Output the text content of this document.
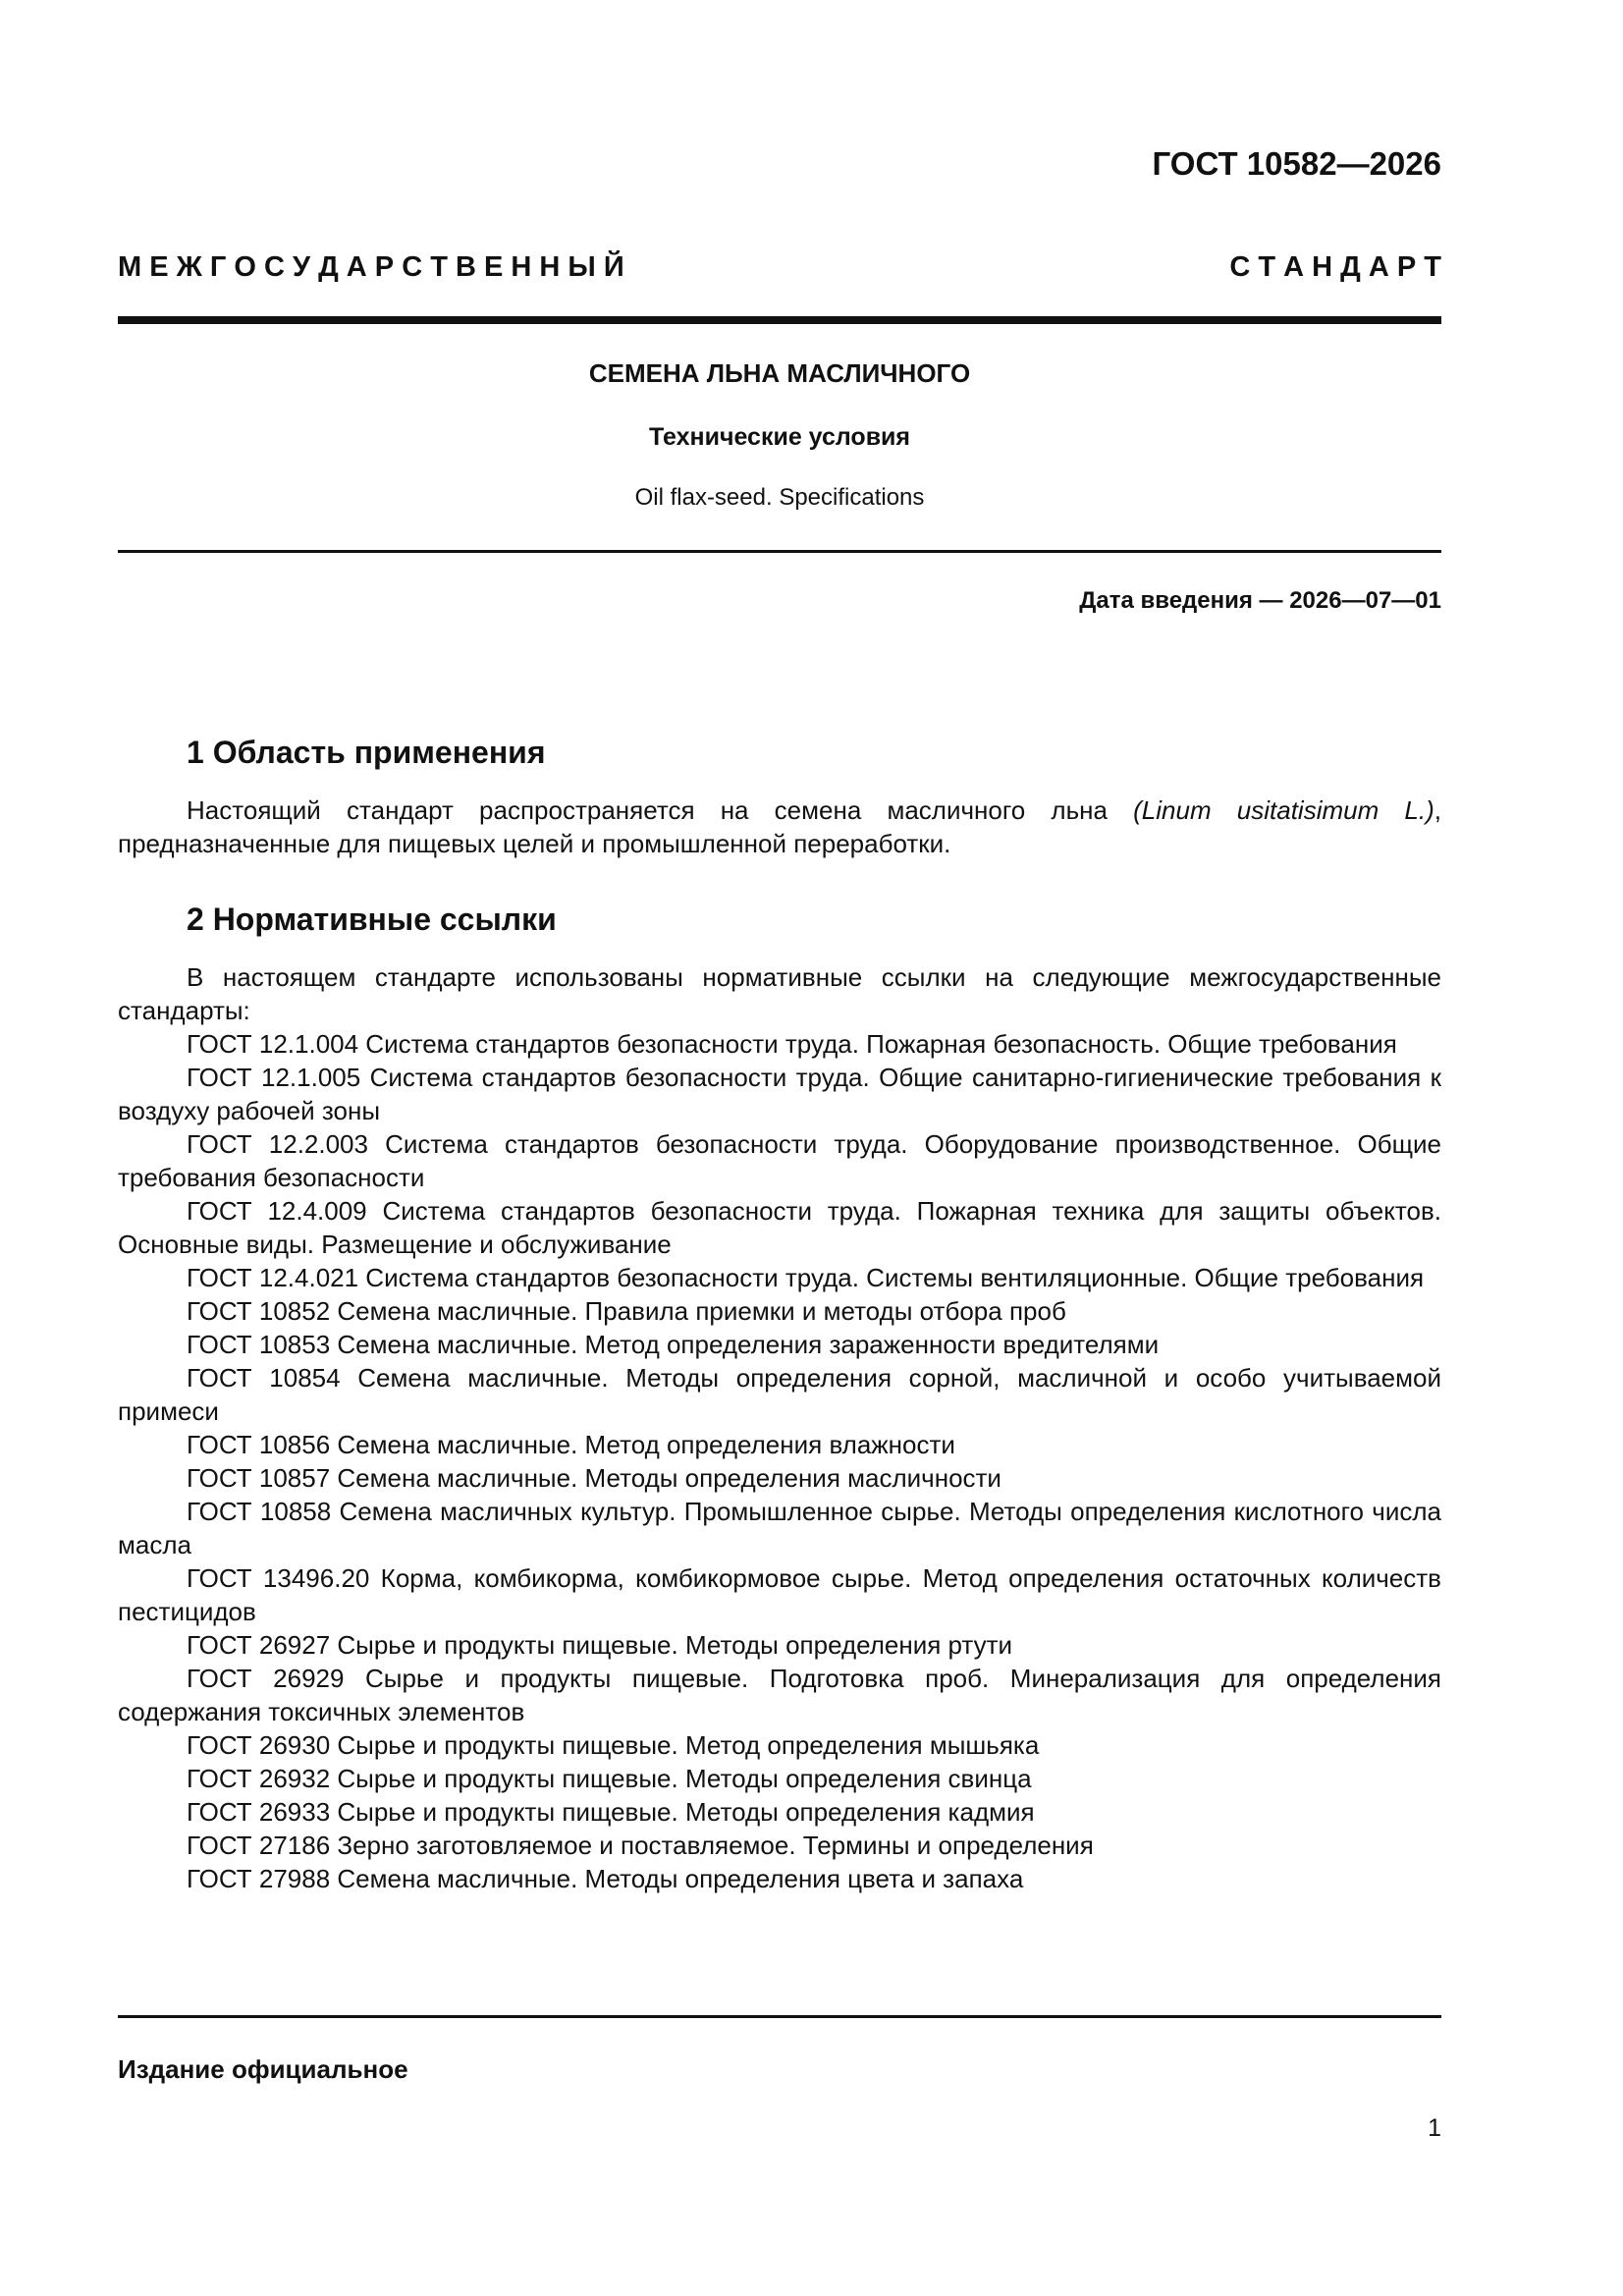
ГОСТ 10582—2026
М Е Ж Г О С У Д А Р С Т В Е Н Н Ы Й	С Т А Н Д А Р Т
СЕМЕНА ЛЬНА МАСЛИЧНОГО
Технические условия
Oil flax-seed. Specifications
Дата введения — 2026—07—01
1 Область применения

Настоящий стандарт распространяется на семена масличного льна (Linum usitatisimum L.), предназначенные для пищевых целей и промышленной переработки.

2 Нормативные ссылки

В настоящем стандарте использованы нормативные ссылки на следующие межгосударственные стандарты:

ГОСТ 12.1.004 Система стандартов безопасности труда. Пожарная безопасность. Общие требования

ГОСТ 12.1.005 Система стандартов безопасности труда. Общие санитарно-гигиенические требования к воздуху рабочей зоны

ГОСТ 12.2.003 Система стандартов безопасности труда. Оборудование производственное. Общие требования безопасности

ГОСТ 12.4.009 Система стандартов безопасности труда. Пожарная техника для защиты объектов. Основные виды. Размещение и обслуживание

ГОСТ 12.4.021 Система стандартов безопасности труда. Системы вентиляционные. Общие требования

ГОСТ 10852 Семена масличные. Правила приемки и методы отбора проб

ГОСТ 10853 Семена масличные. Метод определения зараженности вредителями

ГОСТ 10854 Семена масличные. Методы определения сорной, масличной и особо учитываемой примеси

ГОСТ 10856 Семена масличные. Метод определения влажности

ГОСТ 10857 Семена масличные. Методы определения масличности

ГОСТ 10858 Семена масличных культур. Промышленное сырье. Методы определения кислотного числа масла

ГОСТ 13496.20 Корма, комбикорма, комбикормовое сырье. Метод определения остаточных количеств пестицидов

ГОСТ 26927 Сырье и продукты пищевые. Методы определения ртути

ГОСТ 26929 Сырье и продукты пищевые. Подготовка проб. Минерализация для определения содержания токсичных элементов

ГОСТ 26930 Сырье и продукты пищевые. Метод определения мышьяка

ГОСТ 26932 Сырье и продукты пищевые. Методы определения свинца

ГОСТ 26933 Сырье и продукты пищевые. Методы определения кадмия

ГОСТ 27186 Зерно заготовляемое и поставляемое. Термины и определения

ГОСТ 27988 Семена масличные. Методы определения цвета и запаха

Издание официальное
1
